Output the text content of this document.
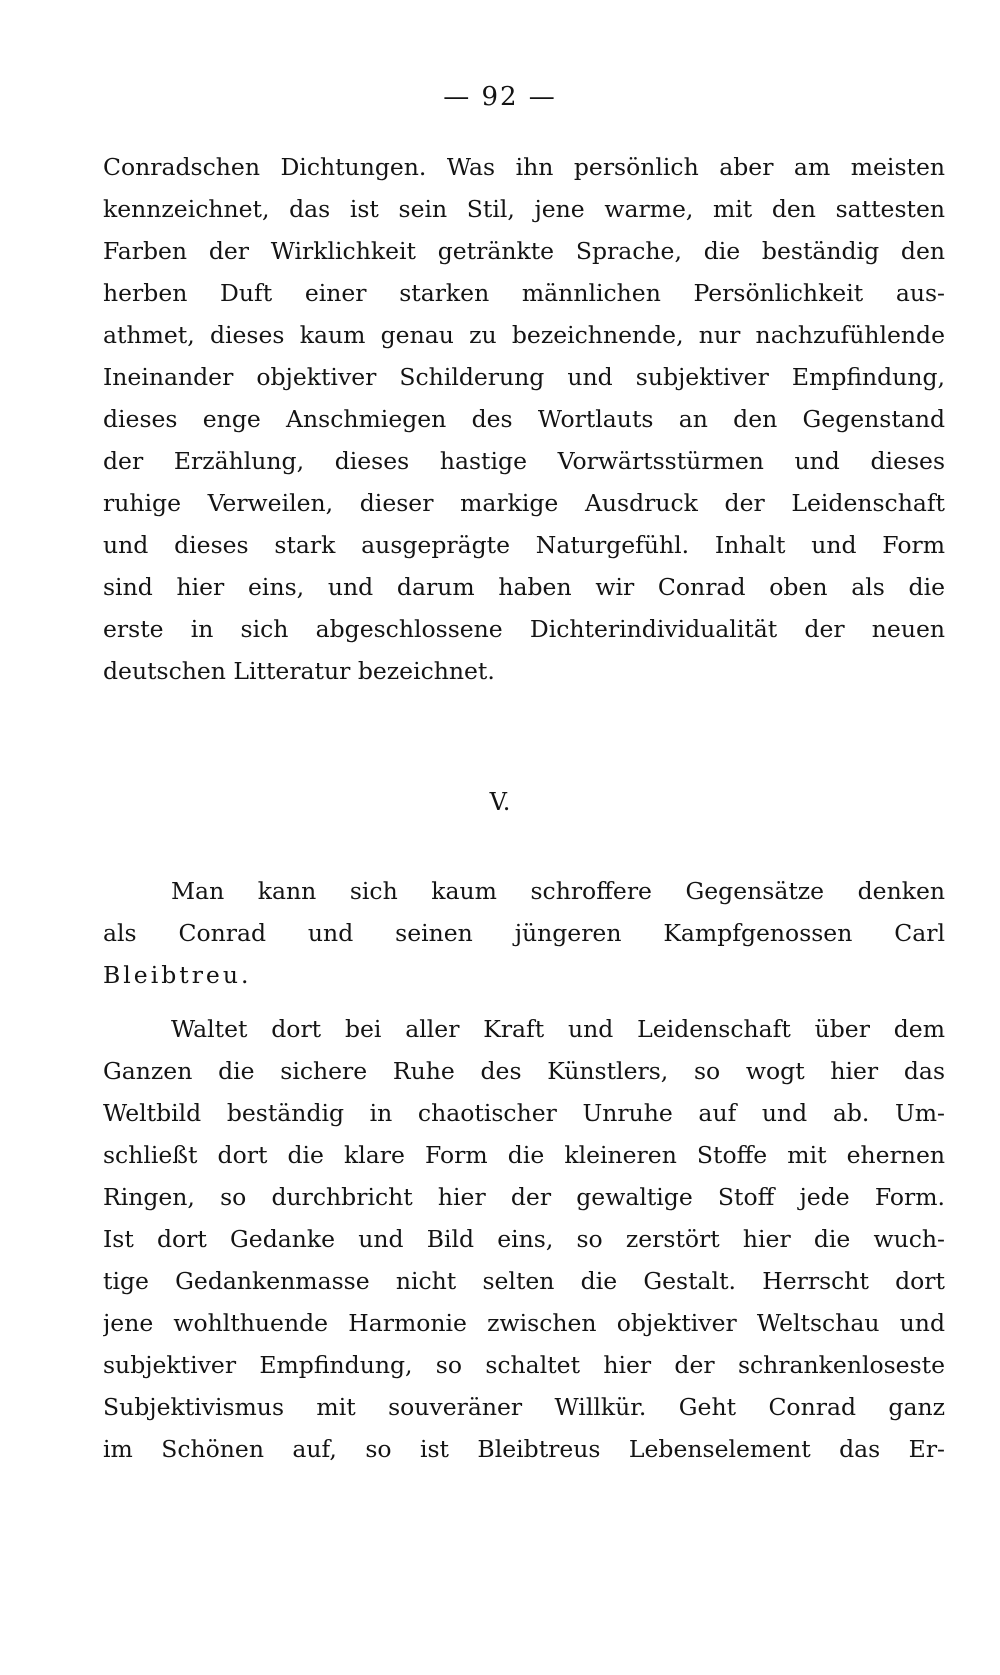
— 92 —
Conradschen Dichtungen. Was ihn persönlich aber am meisten
kennzeichnet, das ist sein Stil, jene warme, mit den sattesten
Farben der Wirklichkeit getränkte Sprache, die beständig den
herben Duft einer starken männlichen Persönlichkeit aus-
athmet, dieses kaum genau zu bezeichnende, nur nachzufühlende
Ineinander objektiver Schilderung und subjektiver Empfindung,
dieses enge Anschmiegen des Wortlauts an den Gegenstand
der Erzählung, dieses hastige Vorwärtsstürmen und dieses
ruhige Verweilen, dieser markige Ausdruck der Leidenschaft
und dieses stark ausgeprägte Naturgefühl. Inhalt und Form
sind hier eins, und darum haben wir Conrad oben als die
erste in sich abgeschlossene Dichterindividualität der neuen
deutschen Litteratur bezeichnet.
V.
Man kann sich kaum schroffere Gegensätze denken
als Conrad und seinen jüngeren Kampfgenossen Carl
Bleibtreu.
Waltet dort bei aller Kraft und Leidenschaft über dem
Ganzen die sichere Ruhe des Künstlers, so wogt hier das
Weltbild beständig in chaotischer Unruhe auf und ab. Um-
schließt dort die klare Form die kleineren Stoffe mit ehernen
Ringen, so durchbricht hier der gewaltige Stoff jede Form.
Ist dort Gedanke und Bild eins, so zerstört hier die wuch-
tige Gedankenmasse nicht selten die Gestalt. Herrscht dort
jene wohlthuende Harmonie zwischen objektiver Weltschau und
subjektiver Empfindung, so schaltet hier der schrankenloseste
Subjektivismus mit souveräner Willkür. Geht Conrad ganz
im Schönen auf, so ist Bleibtreus Lebenselement das Er-
